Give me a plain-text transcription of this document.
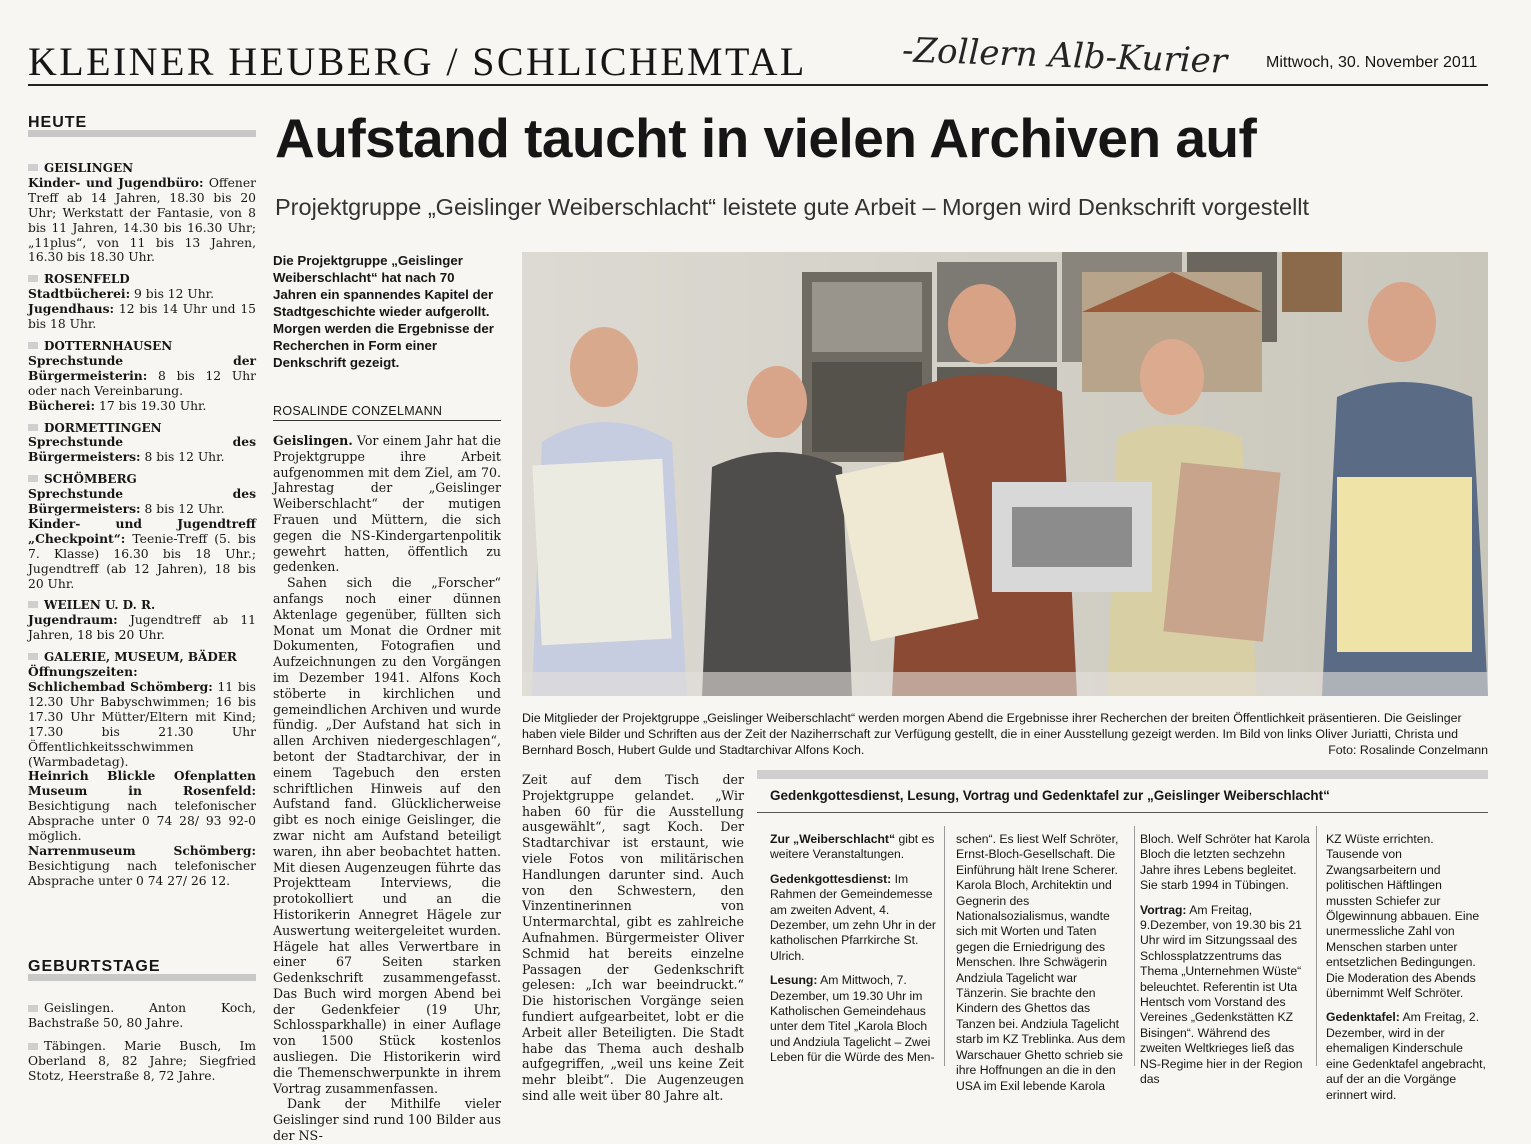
KLEINER HEUBERG / SCHLICHEMTAL	-Zollern Alb-Kurier Mittwoch, 30. November 2011
HEUTE
GEISLINGEN
Kinder- und Jugendbüro: Offener Treff ab 14 Jahren, 18.30 bis 20 Uhr; Werkstatt der Fantasie, von 8 bis 11 Jahren, 14.30 bis 16.30 Uhr; „11plus“, von 11 bis 13 Jahren, 16.30 bis 18.30 Uhr.
ROSENFELD
Stadtbücherei: 9 bis 12 Uhr.
Jugendhaus: 12 bis 14 Uhr und 15 bis 18 Uhr.
DOTTERNHAUSEN
Sprechstunde der Bürgermeisterin: 8 bis 12 Uhr oder nach Vereinbarung.
Bücherei: 17 bis 19.30 Uhr.
DORMETTINGEN
Sprechstunde des Bürgermeisters: 8 bis 12 Uhr.
SCHÖMBERG
Sprechstunde des Bürgermeisters: 8 bis 12 Uhr.
Kinder- und Jugendtreff „Checkpoint“: Teenie-Treff (5. bis 7. Klasse) 16.30 bis 18 Uhr.; Jugendtreff (ab 12 Jahren), 18 bis 20 Uhr.
WEILEN U. D. R.
Jugendraum: Jugendtreff ab 11 Jahren, 18 bis 20 Uhr.
GALERIE, MUSEUM, BÄDER
Öffnungszeiten:
Schlichembad Schömberg: 11 bis 12.30 Uhr Babyschwimmen; 16 bis 17.30 Uhr Mütter/Eltern mit Kind; 17.30 bis 21.30 Uhr Öffentlichkeitsschwimmen (Warmbadetag).
Heinrich Blickle Ofenplatten Museum in Rosenfeld: Besichtigung nach telefonischer Absprache unter 0 74 28/ 93 92-0 möglich.
Narrenmuseum Schömberg: Besichtigung nach telefonischer Absprache unter 0 74 27/ 26 12.
GEBURTSTAGE
Geislingen. Anton Koch, Bachstraße 50, 80 Jahre.
Täbingen. Marie Busch, Im Oberland 8, 82 Jahre; Siegfried Stotz, Heerstraße 8, 72 Jahre.
Aufstand taucht in vielen Archiven auf
Projektgruppe „Geislinger Weiberschlacht“ leistete gute Arbeit – Morgen wird Denkschrift vorgestellt
Die Projektgruppe „Geislinger Weiberschlacht“ hat nach 70 Jahren ein spannendes Kapitel der Stadtgeschichte wieder aufgerollt. Morgen werden die Ergebnisse der Recherchen in Form einer Denkschrift gezeigt.
ROSALINDE CONZELMANN

Geislingen. Vor einem Jahr hat die Projektgruppe ihre Arbeit aufgenommen mit dem Ziel, am 70. Jahrestag der „Geislinger Weiberschlacht“ der mutigen Frauen und Müttern, die sich gegen die NS-Kindergartenpolitik gewehrt hatten, öffentlich zu gedenken.

Sahen sich die „Forscher“ anfangs noch einer dünnen Aktenlage gegenüber, füllten sich Monat um Monat die Ordner mit Dokumenten, Fotografien und Aufzeichnungen zu den Vorgängen im Dezember 1941. Alfons Koch stöberte in kirchlichen und gemeindlichen Archiven und wurde fündig. „Der Aufstand hat sich in allen Archiven niedergeschlagen“, betont der Stadtarchivar, der in einem Tagebuch den ersten schriftlichen Hinweis auf den Aufstand fand. Glücklicherweise gibt es noch einige Geislinger, die zwar nicht am Aufstand beteiligt waren, ihn aber beobachtet hatten. Mit diesen Augenzeugen führte das Projektteam Interviews, die protokolliert und an die Historikerin Annegret Hägele zur Auswertung weitergeleitet wurden. Hägele hat alles Verwertbare in einer 67 Seiten starken Gedenkschrift zusammengefasst. Das Buch wird morgen Abend bei der Gedenkfeier (19 Uhr, Schlossparkhalle) in einer Auflage von 1500 Stück kostenlos ausliegen. Die Historikerin wird die Themenschwerpunkte in ihrem Vortrag zusammenfassen.

Dank der Mithilfe vieler Geislinger sind rund 100 Bilder aus der NS-

Zeit auf dem Tisch der Projektgruppe gelandet. „Wir haben 60 für die Ausstellung ausgewählt“, sagt Koch. Der Stadtarchivar ist erstaunt, wie viele Fotos von militärischen Handlungen darunter sind. Auch von den Schwestern, den Vinzentinerinnen von Untermarchtal, gibt es zahlreiche Aufnahmen. Bürgermeister Oliver Schmid hat bereits einzelne Passagen der Gedenkschrift gelesen: „Ich war beeindruckt.“ Die historischen Vorgänge seien fundiert aufgearbeitet, lobt er die Arbeit aller Beteiligten. Die Stadt habe das Thema auch deshalb aufgegriffen, „weil uns keine Zeit mehr bleibt“. Die Augenzeugen sind alle weit über 80 Jahre alt.

Die Mitglieder der Projektgruppe „Geislinger Weiberschlacht“ werden morgen Abend die Ergebnisse ihrer Recherchen der breiten Öffentlichkeit präsentieren. Die Geislinger haben viele Bilder und Schriften aus der Zeit der Naziherrschaft zur Verfügung gestellt, die in einer Ausstellung gezeigt werden. Im Bild von links Oliver Juriatti, Christa und Bernhard Bosch, Hubert Gulde und Stadtarchivar Alfons Koch.	Foto: Rosalinde Conzelmann
Gedenkgottesdienst, Lesung, Vortrag und Gedenktafel zur „Geislinger Weiberschlacht“

Zur „Weiberschlacht“ gibt es weitere Veranstaltungen.

Gedenkgottesdienst: Im Rahmen der Gemeindemesse am zweiten Advent, 4. Dezember, um zehn Uhr in der katholischen Pfarrkirche St. Ulrich.

Lesung: Am Mittwoch, 7. Dezember, um 19.30 Uhr im Katholischen Gemeindehaus unter dem Titel „Karola Bloch und Andziula Tagelicht – Zwei Leben für die Würde des Men-

schen“. Es liest Welf Schröter, Ernst-Bloch-Gesellschaft. Die Einführung hält Irene Scherer. Karola Bloch, Architektin und Gegnerin des Nationalsozialismus, wandte sich mit Worten und Taten gegen die Erniedrigung des Menschen. Ihre Schwägerin Andziula Tagelicht war Tänzerin. Sie brachte den Kindern des Ghettos das Tanzen bei. Andziula Tagelicht starb im KZ Treblinka. Aus dem Warschauer Ghetto schrieb sie ihre Hoffnungen an die in den USA im Exil lebende Karola

Bloch. Welf Schröter hat Karola Bloch die letzten sechzehn Jahre ihres Lebens begleitet. Sie starb 1994 in Tübingen.

Vortrag: Am Freitag, 9.Dezember, von 19.30 bis 21 Uhr wird im Sitzungssaal des Schlossplatzzentrums das Thema „Unternehmen Wüste“ beleuchtet. Referentin ist Uta Hentsch vom Vorstand des Vereines „Gedenkstätten KZ Bisingen“. Während des zweiten Weltkrieges ließ das NS-Regime hier in der Region das

KZ Wüste errichten. Tausende von Zwangsarbeitern und politischen Häftlingen mussten Schiefer zur Ölgewinnung abbauen. Eine unermessliche Zahl von Menschen starben unter entsetzlichen Bedingungen. Die Moderation des Abends übernimmt Welf Schröter.

Gedenktafel: Am Freitag, 2. Dezember, wird in der ehemaligen Kinderschule eine Gedenktafel angebracht, auf der an die Vorgänge erinnert wird.
